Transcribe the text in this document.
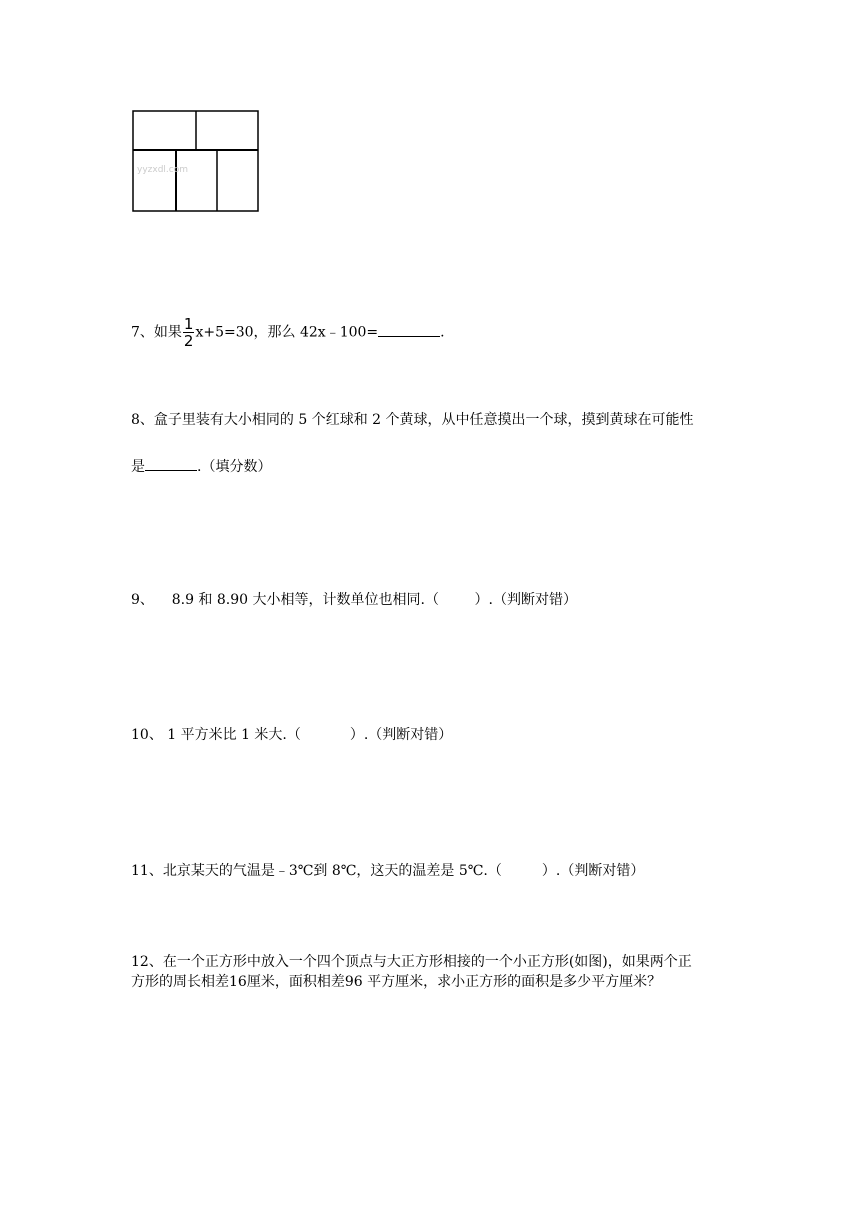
yyzxdl.com
7、如果 $\frac{1}{2} x+5=30$，那么 42x﹣100=	.
8、盒子里装有大小相同的 5 个红球和 2 个黄球，从中任意摸出一个球，摸到黄球在可能性
是	.（填分数）
9、    8.9 和 8.90 大小相等，计数单位也相同.（        ）.（判断对错）
10、 1 平方米比 1 米大.（           ）.（判断对错）
11、北京某天的气温是﹣3℃到 8℃，这天的温差是 5℃.（         ）.（判断对错）
12、在一个正方形中放入一个四个顶点与大正方形相接的一个小正方形(如图)，如果两个正
方形的周长相差16厘米，面积相差96 平方厘米，求小正方形的面积是多少平方厘米？
